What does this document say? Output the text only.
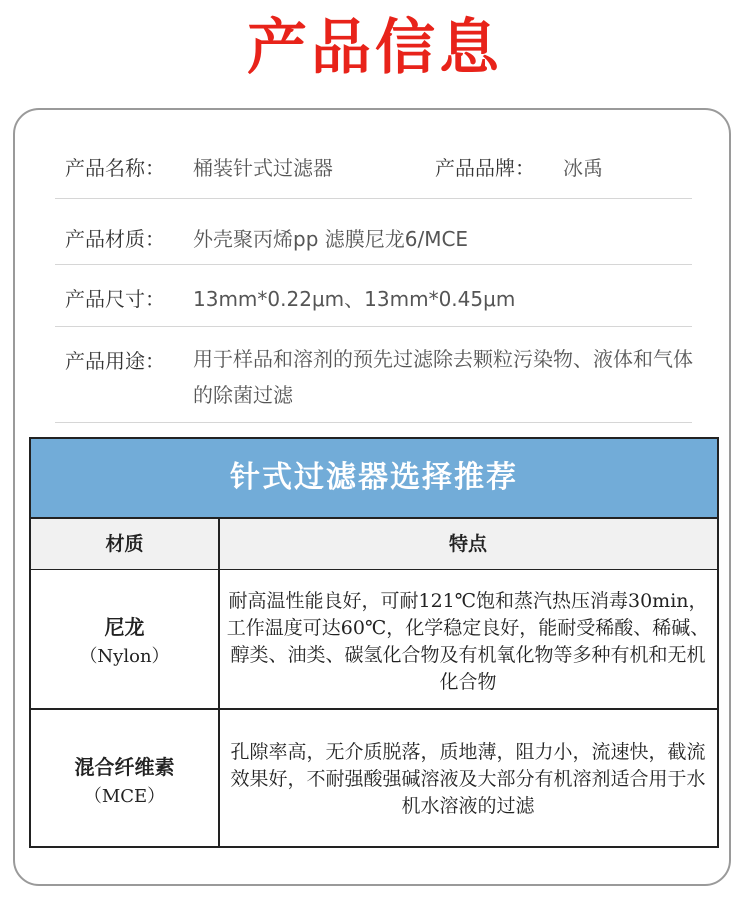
产品信息
产品名称： 桶装针式过滤器	产品品牌： 冰禹
产品材质： 外壳聚丙烯pp 滤膜尼龙6/MCE
产品尺寸： 13mm*0.22μm、13mm*0.45μm
产品用途： 用于样品和溶剂的预先过滤除去颗粒污染物、液体和气体的除菌过滤
针式过滤器选择推荐
材质	特点
尼龙
（Nylon）
耐高温性能良好，可耐121℃饱和蒸汽热压消毒30min，工作温度可达60℃，化学稳定良好，能耐受稀酸、稀碱、醇类、油类、碳氢化合物及有机氧化物等多种有机和无机化合物
混合纤维素
（MCE）
孔隙率高，无介质脱落，质地薄，阻力小，流速快，截流效果好，不耐强酸强碱溶液及大部分有机溶剂适合用于水机水溶液的过滤
